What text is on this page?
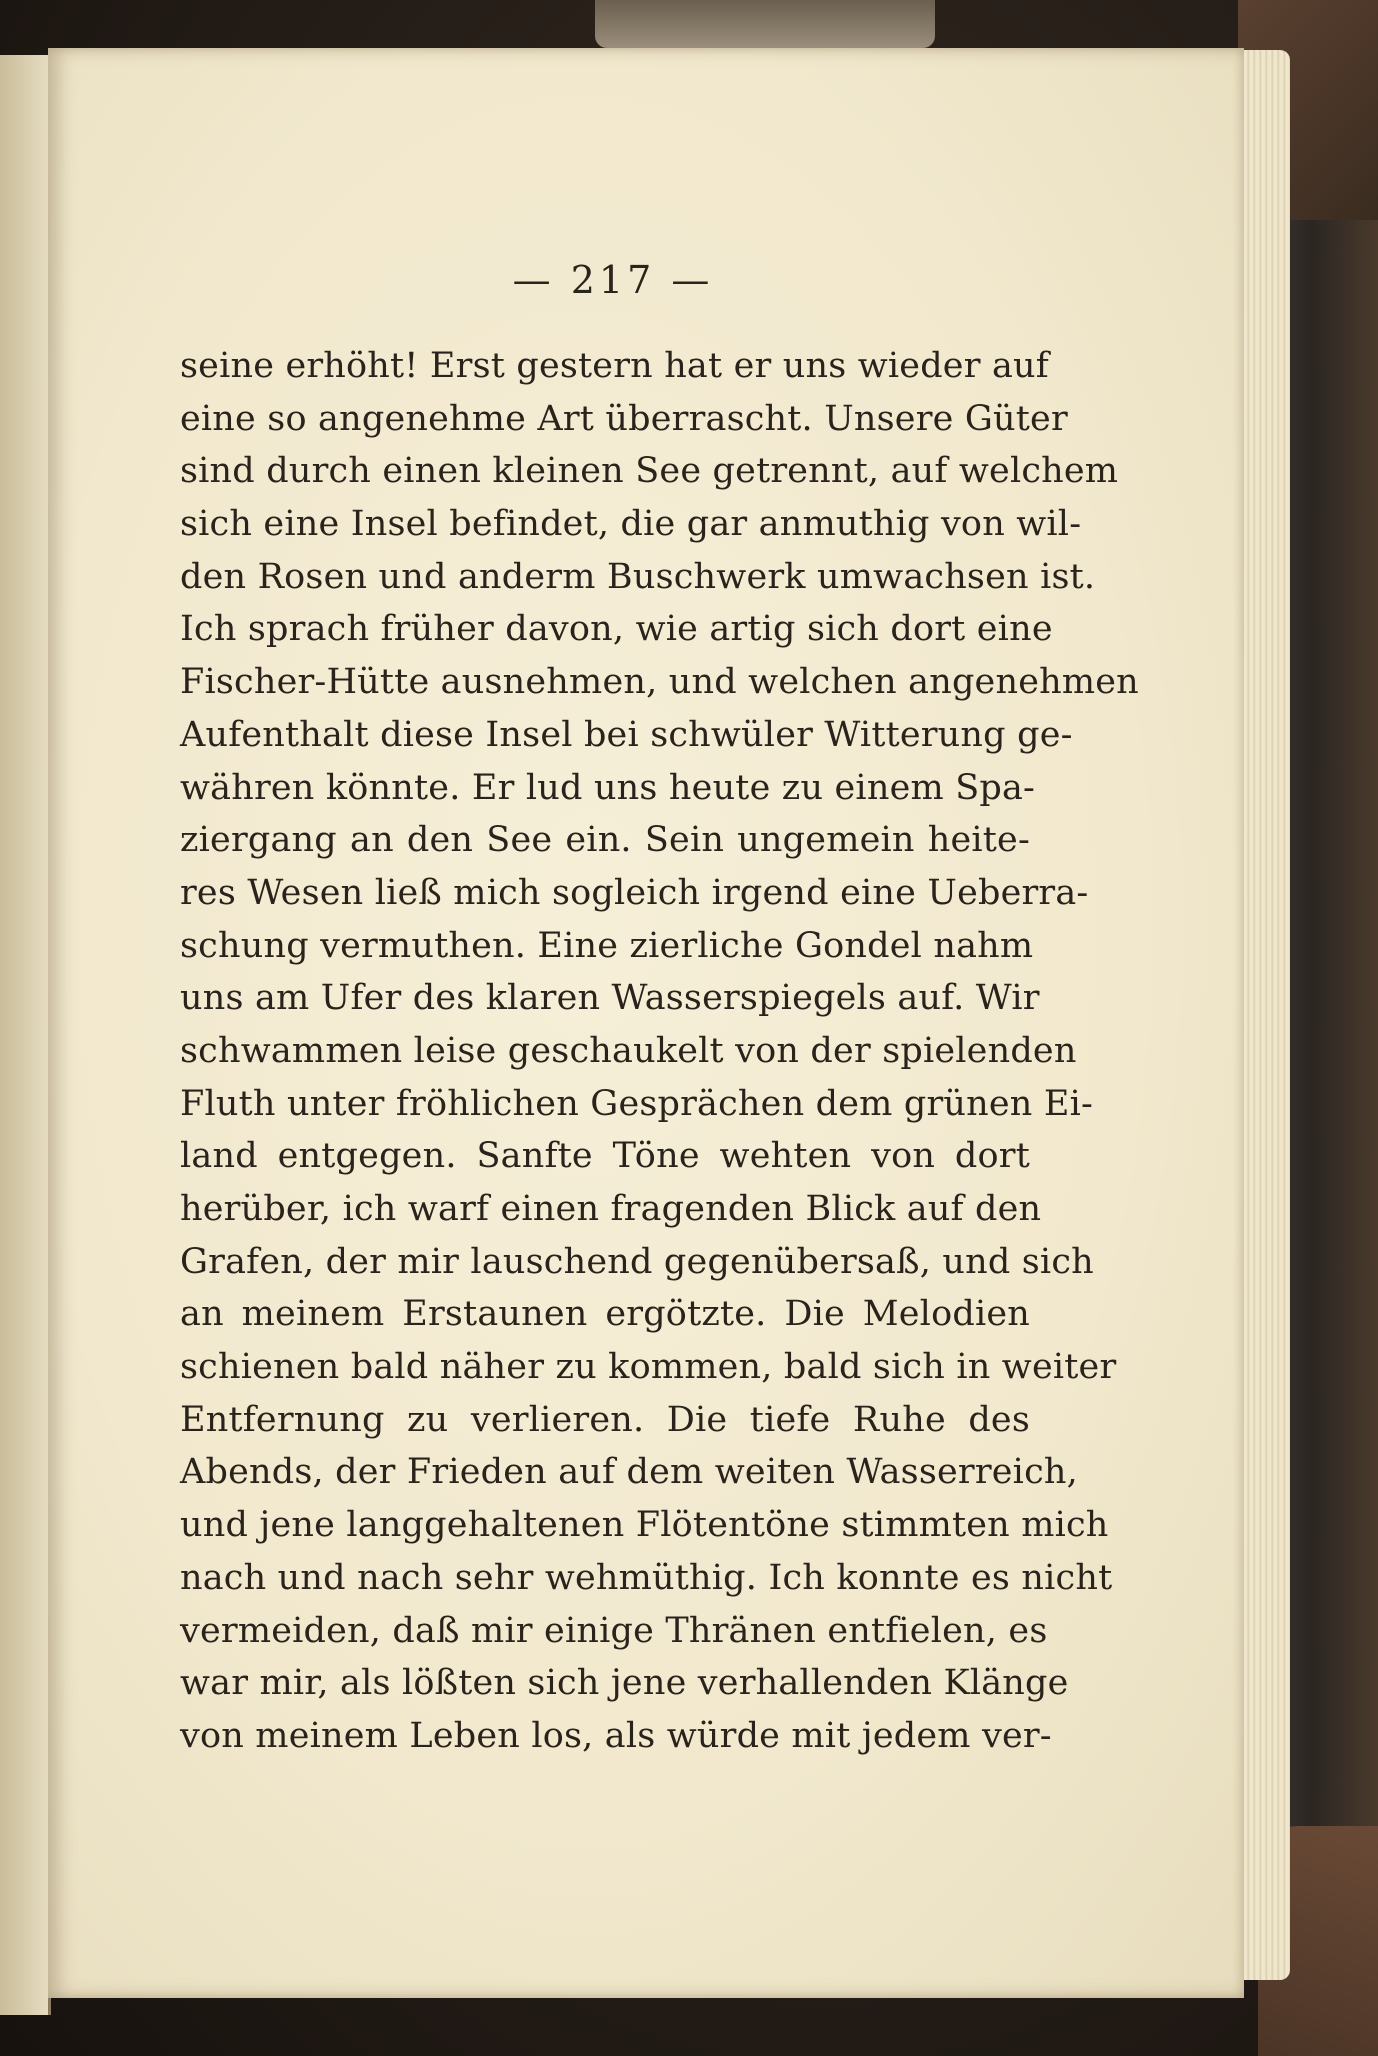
— 217 —
seine erhöht! Erst gestern hat er uns wieder auf
eine so angenehme Art überrascht. Unsere Güter
sind durch einen kleinen See getrennt, auf welchem
sich eine Insel befindet, die gar anmuthig von wil-
den Rosen und anderm Buschwerk umwachsen ist.
Ich sprach früher davon, wie artig sich dort eine
Fischer-Hütte ausnehmen, und welchen angenehmen
Aufenthalt diese Insel bei schwüler Witterung ge-
währen könnte. Er lud uns heute zu einem Spa-
ziergang an den See ein. Sein ungemein heite-
res Wesen ließ mich sogleich irgend eine Ueberra-
schung vermuthen. Eine zierliche Gondel nahm
uns am Ufer des klaren Wasserspiegels auf. Wir
schwammen leise geschaukelt von der spielenden
Fluth unter fröhlichen Gesprächen dem grünen Ei-
land entgegen. Sanfte Töne wehten von dort
herüber, ich warf einen fragenden Blick auf den
Grafen, der mir lauschend gegenübersaß, und sich
an meinem Erstaunen ergötzte. Die Melodien
schienen bald näher zu kommen, bald sich in weiter
Entfernung zu verlieren. Die tiefe Ruhe des
Abends, der Frieden auf dem weiten Wasserreich,
und jene langgehaltenen Flötentöne stimmten mich
nach und nach sehr wehmüthig. Ich konnte es nicht
vermeiden, daß mir einige Thränen entfielen, es
war mir, als lößten sich jene verhallenden Klänge
von meinem Leben los, als würde mit jedem ver-
